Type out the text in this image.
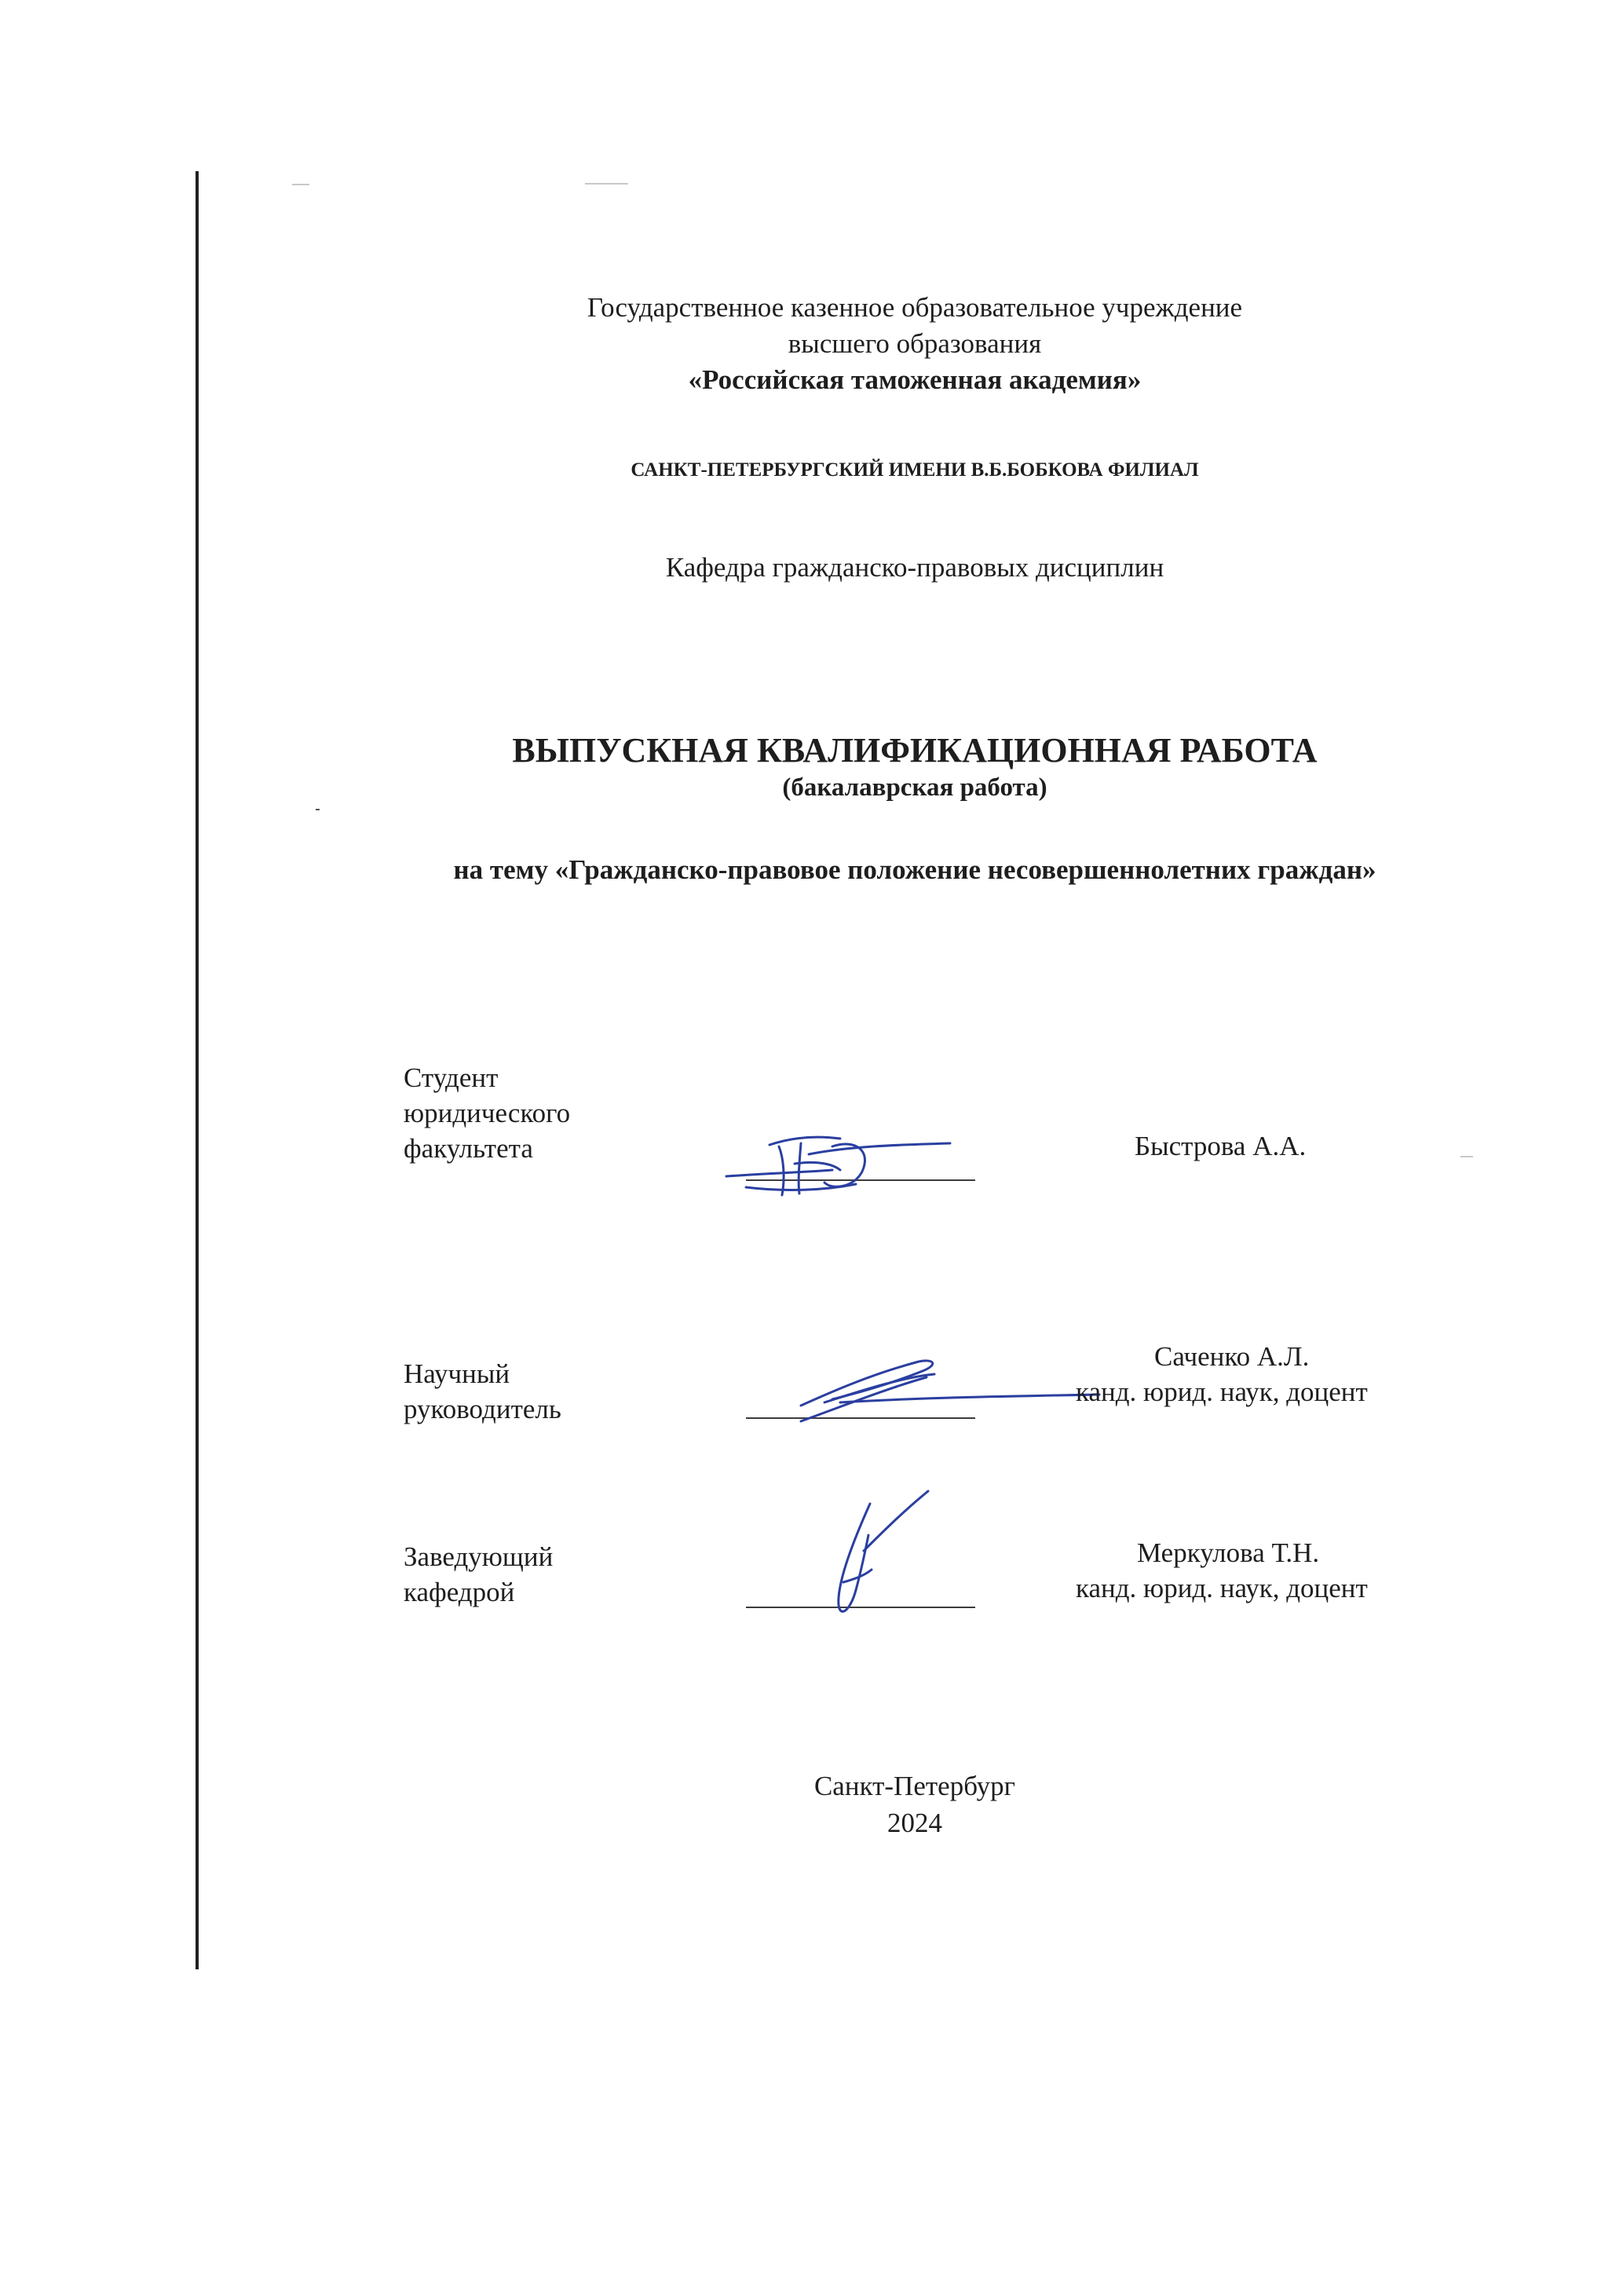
Государственное казенное образовательное учреждение
высшего образования
«Российская таможенная академия»
САНКТ-ПЕТЕРБУРГСКИЙ ИМЕНИ В.Б.БОБКОВА ФИЛИАЛ
Кафедра гражданско-правовых дисциплин
ВЫПУСКНАЯ КВАЛИФИКАЦИОННАЯ РАБОТА
(бакалаврская работа)
на тему «Гражданско-правовое положение несовершеннолетних граждан»
Студент
юридического
факультета	Быстрова А.А.
Научный
руководитель
Саченко А.Л.
канд. юрид. наук, доцент
Заведующий
кафедрой
Меркулова Т.Н.
канд. юрид. наук, доцент
Санкт-Петербург
2024
